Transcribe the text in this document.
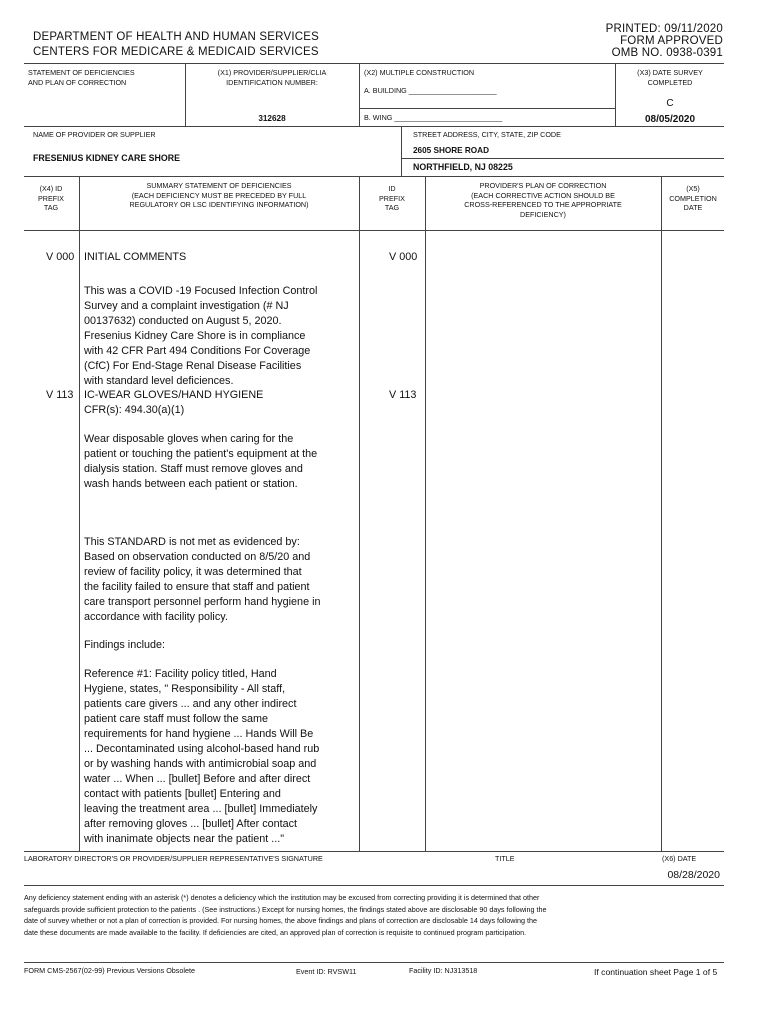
DEPARTMENT OF HEALTH AND HUMAN SERVICES
CENTERS FOR MEDICARE & MEDICAID SERVICES
PRINTED: 09/11/2020
FORM APPROVED
OMB NO. 0938-0391
STATEMENT OF DEFICIENCIES
AND PLAN OF CORRECTION
(X1) PROVIDER/SUPPLIER/CLIA
IDENTIFICATION NUMBER:
312628
(X2) MULTIPLE CONSTRUCTION
A. BUILDING ______________________
B. WING ___________________________
(X3) DATE SURVEY
COMPLETED
C
08/05/2020
NAME OF PROVIDER OR SUPPLIER
FRESENIUS KIDNEY CARE SHORE
STREET ADDRESS, CITY, STATE, ZIP CODE
2605 SHORE ROAD
NORTHFIELD, NJ 08225
(X4) ID
PREFIX
TAG
SUMMARY STATEMENT OF DEFICIENCIES
(EACH DEFICIENCY MUST BE PRECEDED BY FULL
REGULATORY OR LSC IDENTIFYING INFORMATION)
ID
PREFIX
TAG
PROVIDER'S PLAN OF CORRECTION
(EACH CORRECTIVE ACTION SHOULD BE
CROSS-REFERENCED TO THE APPROPRIATE
DEFICIENCY)
(X5)
COMPLETION
DATE
V 000 INITIAL COMMENTS	V 000
This was a COVID -19 Focused Infection Control
Survey and a complaint investigation (# NJ
00137632) conducted on August 5, 2020.
Fresenius Kidney Care Shore is in compliance
with 42 CFR Part 494 Conditions For Coverage
(CfC) For End-Stage Renal Disease Facilities
with standard level deficiences.
V 113 IC-WEAR GLOVES/HAND HYGIENE
CFR(s): 494.30(a)(1)
V 113
Wear disposable gloves when caring for the
patient or touching the patient's equipment at the
dialysis station. Staff must remove gloves and
wash hands between each patient or station.
This STANDARD is not met as evidenced by:
Based on observation conducted on 8/5/20 and
review of facility policy, it was determined that
the facility failed to ensure that staff and patient
care transport personnel perform hand hygiene in
accordance with facility policy.
Findings include:
Reference #1: Facility policy titled, Hand
Hygiene, states, " Responsibility - All staff,
patients care givers ... and any other indirect
patient care staff must follow the same
requirements for hand hygiene ... Hands Will Be
... Decontaminated using alcohol-based hand rub
or by washing hands with antimicrobial soap and
water ... When ... [bullet] Before and after direct
contact with patients [bullet] Entering and
leaving the treatment area ... [bullet] Immediately
after removing gloves ... [bullet] After contact
with inanimate objects near the patient ..."
LABORATORY DIRECTOR'S OR PROVIDER/SUPPLIER REPRESENTATIVE'S SIGNATURE	TITLE	(X6) DATE
08/28/2020
Any deficiency statement ending with an asterisk (*) denotes a deficiency which the institution may be excused from correcting providing it is determined that other
safeguards provide sufficient protection to the patients . (See instructions.) Except for nursing homes, the findings stated above are disclosable 90 days following the
date of survey whether or not a plan of correction is provided. For nursing homes, the above findings and plans of correction are disclosable 14 days following the
date these documents are made available to the facility. If deficiencies are cited, an approved plan of correction is requisite to continued program participation.
FORM CMS-2567(02-99) Previous Versions Obsolete	Event ID: RVSW11	Facility ID: NJ313518	If continuation sheet Page 1 of 5
